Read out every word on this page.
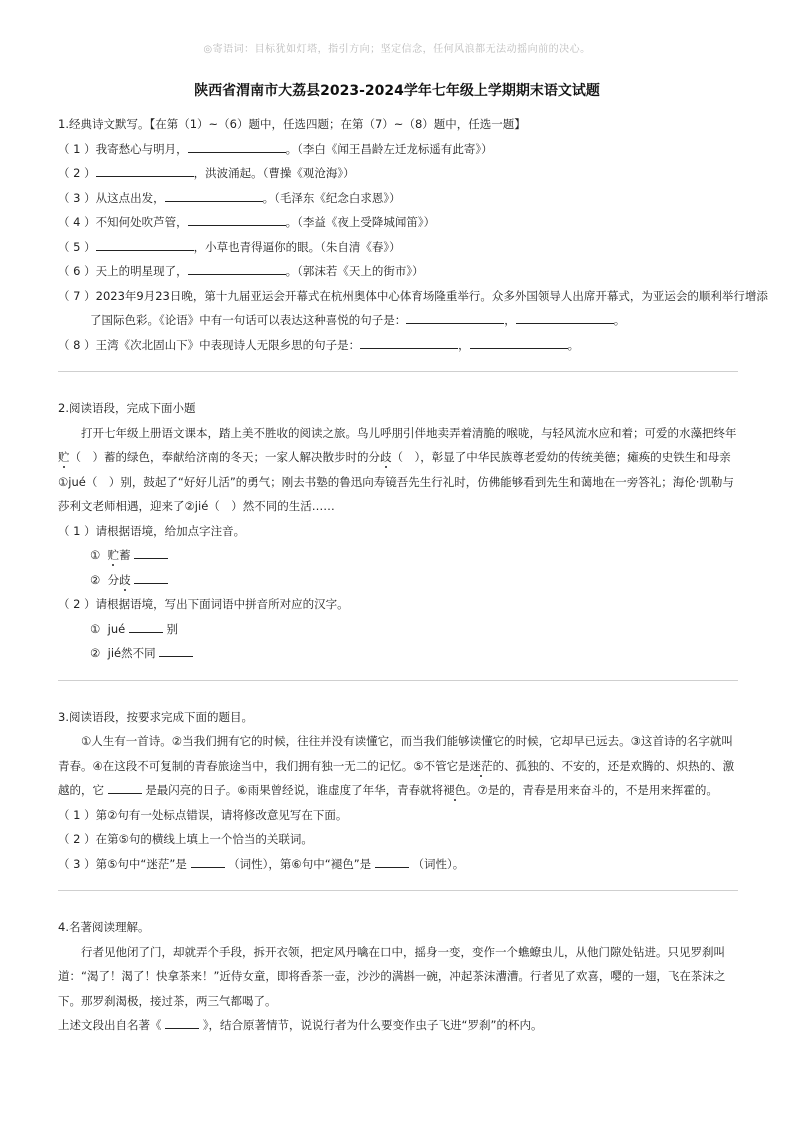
◎寄语词：目标犹如灯塔，指引方向；坚定信念，任何风浪都无法动摇向前的决心。
陕西省渭南市大荔县2023-2024学年七年级上学期期末语文试题
1.经典诗文默写。【在第（1）~（6）题中，任选四题；在第（7）~（8）题中，任选一题】
（ 1 ）我寄愁心与明月，	。（李白《闻王昌龄左迁龙标遥有此寄》）
（ 2 ）	，洪波涌起。（曹操《观沧海》）
（ 3 ）从这点出发，	。（毛泽东《纪念白求恩》）
（ 4 ）不知何处吹芦管，	。（李益《夜上受降城闻笛》）
（ 5 ）	，小草也青得逼你的眼。（朱自清《春》）
（ 6 ）天上的明星现了，	。（郭沫若《天上的街市》）
（ 7 ）2023年9月23日晚，第十九届亚运会开幕式在杭州奥体中心体育场隆重举行。众多外国领导人出席开幕式，为亚运会的顺利举行增添
了国际色彩。《论语》中有一句话可以表达这种喜悦的句子是：	，	。
（ 8 ）王湾《次北固山下》中表现诗人无限乡思的句子是：	，	。
2.阅读语段，完成下面小题
打开七年级上册语文课本，踏上美不胜收的阅读之旅。鸟儿呼朋引伴地卖弄着清脆的喉咙，与轻风流水应和着；可爱的水藻把终年贮（　）蓄的绿色，奉献给济南的冬天；一家人解决散步时的分歧（　），彰显了中华民族尊老爱幼的传统美德；瘫痪的史铁生和母亲①jué（　）别，鼓起了“好好儿活”的勇气；刚去书塾的鲁迅向寿镜吾先生行礼时，仿佛能够看到先生和蔼地在一旁答礼；海伦·凯勒与莎利文老师相遇，迎来了②jié（　）然不同的生活……
（ 1 ）请根据语境，给加点字注音。
① 贮蓄
② 分歧
（ 2 ）请根据语境，写出下面词语中拼音所对应的汉字。
① jué	别
② jié然不同
3.阅读语段，按要求完成下面的题目。
①人生有一首诗。②当我们拥有它的时候，往往并没有读懂它，而当我们能够读懂它的时候，它却早已远去。③这首诗的名字就叫青春。④在这段不可复制的青春旅途当中，我们拥有独一无二的记忆。⑤不管它是迷茫的、孤独的、不安的，还是欢腾的、炽热的、激越的，它	是最闪亮的日子。⑥雨果曾经说，谁虚度了年华，青春就将褪色。⑦是的，青春是用来奋斗的，不是用来挥霍的。
（ 1 ）第②句有一处标点错误，请将修改意见写在下面。
（ 2 ）在第⑤句的横线上填上一个恰当的关联词。
（ 3 ）第⑤句中“迷茫”是	（词性），第⑥句中“褪色”是	（词性）。
4.名著阅读理解。
行者见他闭了门，却就弄个手段，拆开衣领，把定风丹噙在口中，摇身一变，变作一个蟭蟟虫儿，从他门隙处钻进。只见罗刹叫道：“渴了！渴了！快拿茶来！”近侍女童，即将香茶一壶，沙沙的满斟一碗，冲起茶沫漕漕。行者见了欢喜，嘤的一翅，飞在茶沫之下。那罗刹渴极，接过茶，两三气都喝了。
上述文段出自名著《	》，结合原著情节，说说行者为什么要变作虫子飞进“罗刹”的杯内。
